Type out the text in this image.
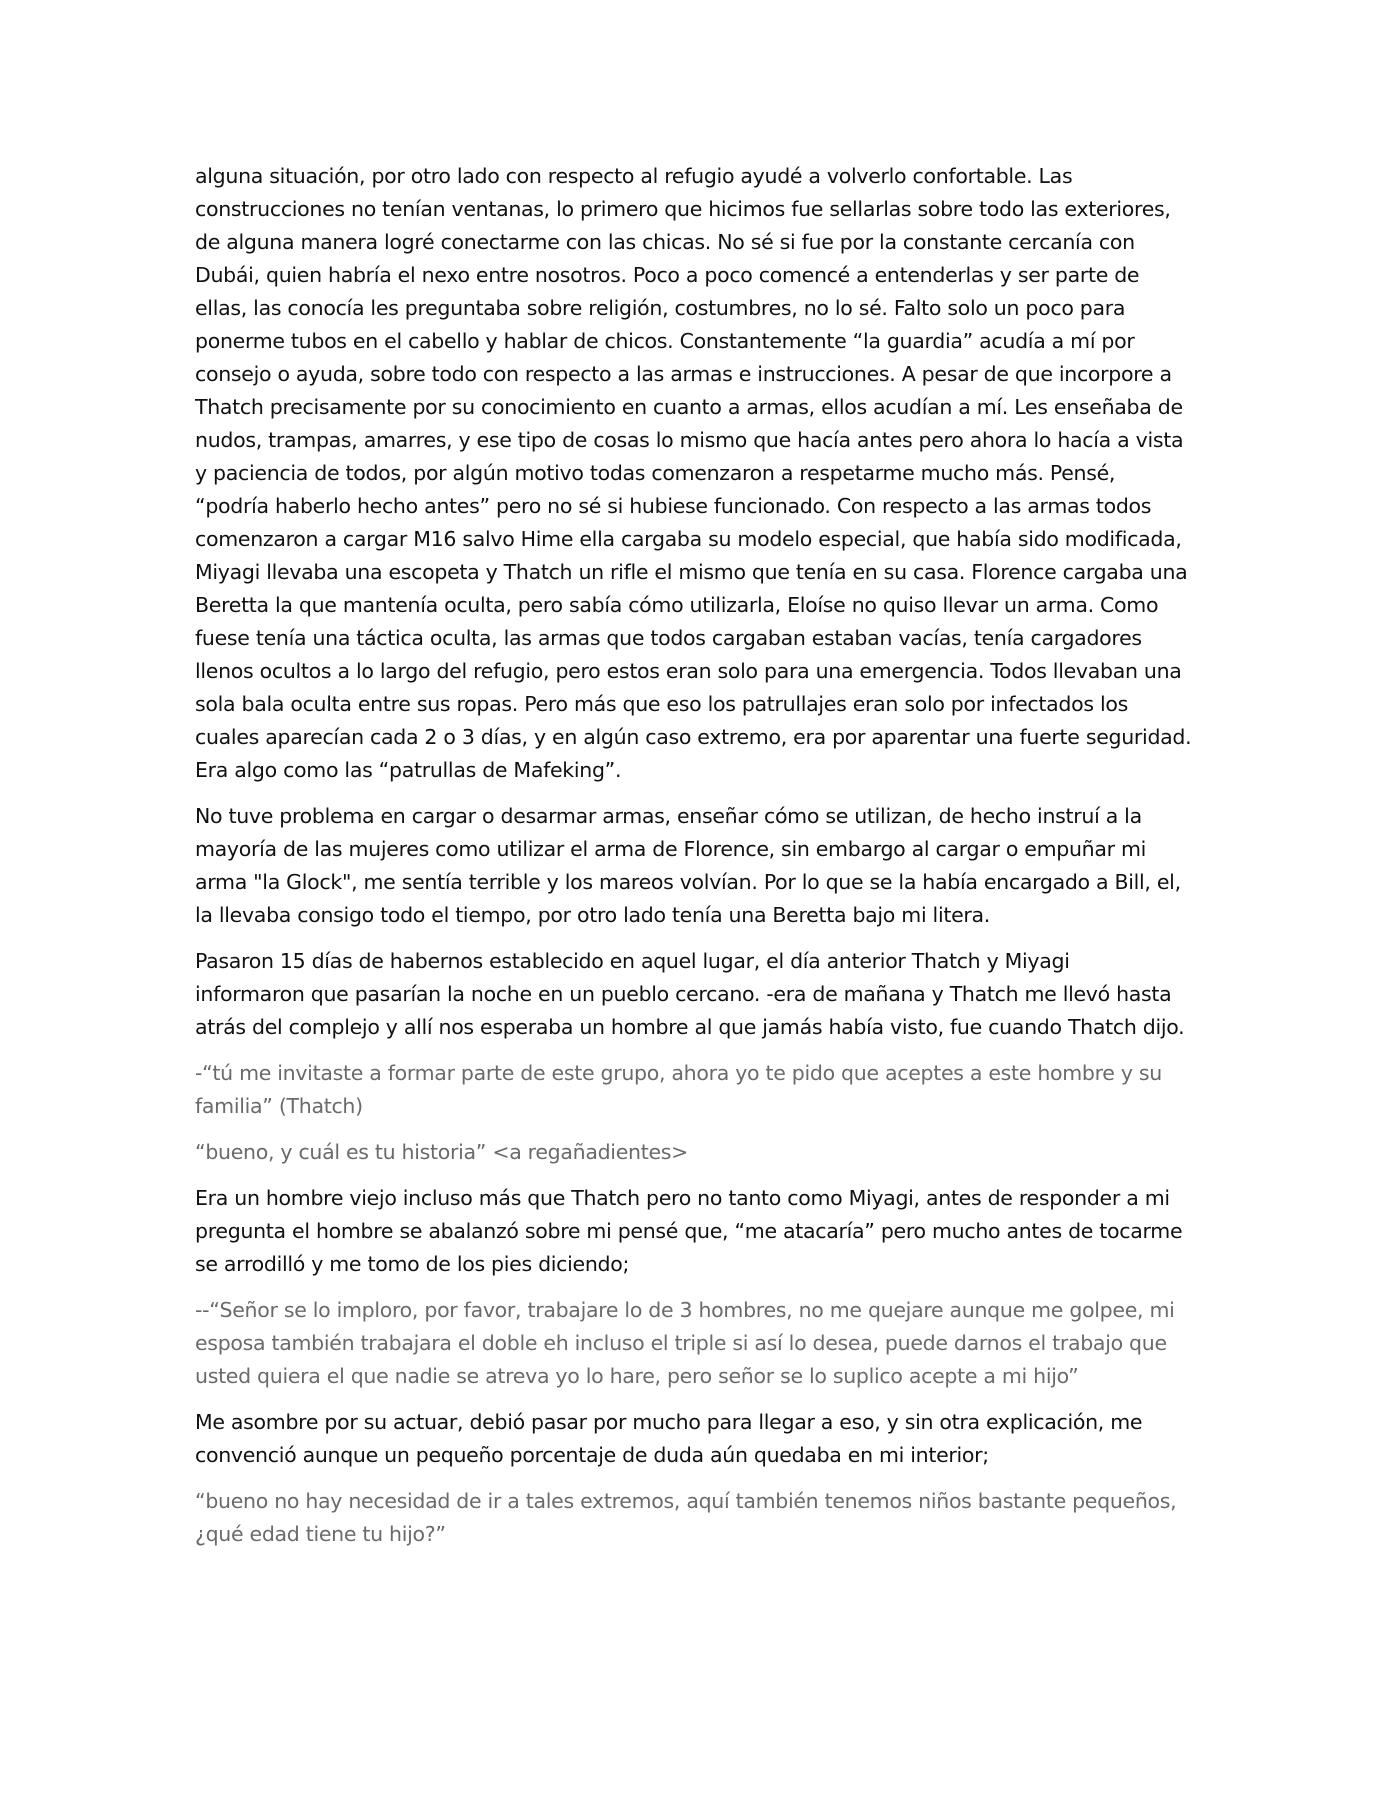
alguna situación, por otro lado con respecto al refugio ayudé a volverlo confortable. Las
construcciones no tenían ventanas, lo primero que hicimos fue sellarlas sobre todo las exteriores,
de alguna manera logré conectarme con las chicas. No sé si fue por la constante cercanía con
Dubái, quien habría el nexo entre nosotros. Poco a poco comencé a entenderlas y ser parte de
ellas, las conocía les preguntaba sobre religión, costumbres, no lo sé. Falto solo un poco para
ponerme tubos en el cabello y hablar de chicos. Constantemente “la guardia” acudía a mí por
consejo o ayuda, sobre todo con respecto a las armas e instrucciones. A pesar de que incorpore a
Thatch precisamente por su conocimiento en cuanto a armas, ellos acudían a mí. Les enseñaba de
nudos, trampas, amarres, y ese tipo de cosas lo mismo que hacía antes pero ahora lo hacía a vista
y paciencia de todos, por algún motivo todas comenzaron a respetarme mucho más. Pensé,
“podría haberlo hecho antes” pero no sé si hubiese funcionado. Con respecto a las armas todos
comenzaron a cargar M16 salvo Hime ella cargaba su modelo especial, que había sido modificada,
Miyagi llevaba una escopeta y Thatch un rifle el mismo que tenía en su casa. Florence cargaba una
Beretta la que mantenía oculta, pero sabía cómo utilizarla, Eloíse no quiso llevar un arma. Como
fuese tenía una táctica oculta, las armas que todos cargaban estaban vacías, tenía cargadores
llenos ocultos a lo largo del refugio, pero estos eran solo para una emergencia. Todos llevaban una
sola bala oculta entre sus ropas. Pero más que eso los patrullajes eran solo por infectados los
cuales aparecían cada 2 o 3 días, y en algún caso extremo, era por aparentar una fuerte seguridad.
Era algo como las “patrullas de Mafeking”.

No tuve problema en cargar o desarmar armas, enseñar cómo se utilizan, de hecho instruí a la
mayoría de las mujeres como utilizar el arma de Florence, sin embargo al cargar o empuñar mi
arma "la Glock", me sentía terrible y los mareos volvían. Por lo que se la había encargado a Bill, el,
la llevaba consigo todo el tiempo, por otro lado tenía una Beretta bajo mi litera.

Pasaron 15 días de habernos establecido en aquel lugar, el día anterior Thatch y Miyagi
informaron que pasarían la noche en un pueblo cercano. -era de mañana y Thatch me llevó hasta
atrás del complejo y allí nos esperaba un hombre al que jamás había visto, fue cuando Thatch dijo.

-“tú me invitaste a formar parte de este grupo, ahora yo te pido que aceptes a este hombre y su
familia” (Thatch)

“bueno, y cuál es tu historia” <a regañadientes>

Era un hombre viejo incluso más que Thatch pero no tanto como Miyagi, antes de responder a mi
pregunta el hombre se abalanzó sobre mi pensé que, “me atacaría” pero mucho antes de tocarme
se arrodilló y me tomo de los pies diciendo;

--“Señor se lo imploro, por favor, trabajare lo de 3 hombres, no me quejare aunque me golpee, mi
esposa también trabajara el doble eh incluso el triple si así lo desea, puede darnos el trabajo que
usted quiera el que nadie se atreva yo lo hare, pero señor se lo suplico acepte a mi hijo”

Me asombre por su actuar, debió pasar por mucho para llegar a eso, y sin otra explicación, me
convenció aunque un pequeño porcentaje de duda aún quedaba en mi interior;

“bueno no hay necesidad de ir a tales extremos, aquí también tenemos niños bastante pequeños,
¿qué edad tiene tu hijo?”
